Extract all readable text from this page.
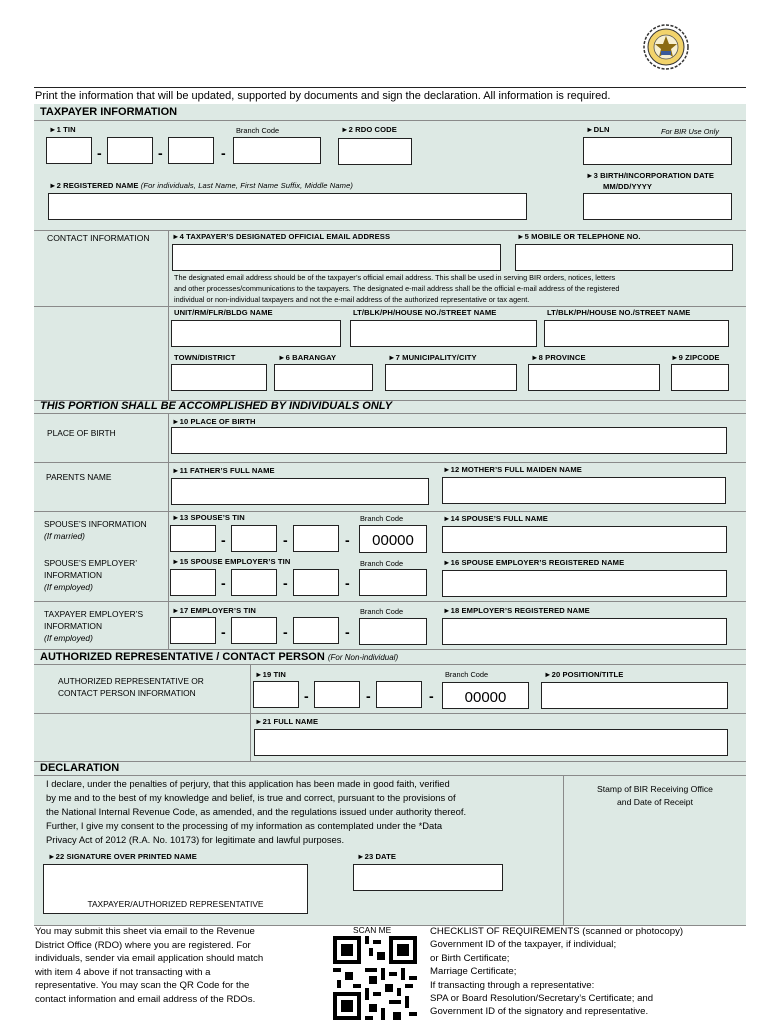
Print the information that will be updated, supported by documents and sign the declaration. All information is required.
TAXPAYER INFORMATION
►1 TIN
-	-	-
Branch Code	►2 RDO CODE	►DLN	For BIR Use Only
►2 REGISTERED NAME (For individuals, Last Name, First Name Suffix, Middle Name)
►3 BIRTH/INCORPORATION DATE
MM/DD/YYYY
CONTACT INFORMATION	►4 TAXPAYER’S DESIGNATED OFFICIAL EMAIL ADDRESS	►5 MOBILE OR TELEPHONE NO.
The designated email address should be of the taxpayer’s official email address. This shall be used in serving BIR orders, notices, letters
and other processes/communications to the taxpayers. The designated e-mail address shall be the official e-mail address of the registered
individual or non-individual taxpayers and not the e-mail address of the authorized representative or tax agent.
UNIT/RM/FLR/BLDG NAME	LT/BLK/PH/HOUSE NO./STREET NAME	LT/BLK/PH/HOUSE NO./STREET NAME
TOWN/DISTRICT	►6 BARANGAY	►7 MUNICIPALITY/CITY	►8 PROVINCE	►9 ZIPCODE
THIS PORTION SHALL BE ACCOMPLISHED BY INDIVIDUALS ONLY
PLACE OF BIRTH
►10 PLACE OF BIRTH
PARENTS NAME
►11 FATHER’S FULL NAME	►12 MOTHER’S FULL MAIDEN NAME
SPOUSE’S INFORMATION
(If married)
►13 SPOUSE’S TIN
-	-	-
Branch Code
00000
►14 SPOUSE’S FULL NAME
SPOUSE’S EMPLOYER’
INFORMATION
(If employed)
►15 SPOUSE EMPLOYER’S TIN
-	-	-
Branch Code	►16 SPOUSE EMPLOYER’S REGISTERED NAME
TAXPAYER EMPLOYER’S
INFORMATION
(If employed)
►17 EMPLOYER’S TIN
-	-	-
Branch Code	►18 EMPLOYER’S REGISTERED NAME
AUTHORIZED REPRESENTATIVE / CONTACT PERSON (For Non-individual)
AUTHORIZED REPRESENTATIVE OR
CONTACT PERSON INFORMATION
►19 TIN
-	-	-
Branch Code
00000
►20 POSITION/TITLE
►21 FULL NAME
DECLARATION
I declare, under the penalties of perjury, that this application has been made in good faith, verified
by me and to the best of my knowledge and belief, is true and correct, pursuant to the provisions of
the National Internal Revenue Code, as amended, and the regulations issued under authority thereof.
Further, I give my consent to the processing of my information as contemplated under the *Data
Privacy Act of 2012 (R.A. No. 10173) for legitimate and lawful purposes.
Stamp of BIR Receiving Office
and Date of Receipt
►22 SIGNATURE OVER PRINTED NAME
TAXPAYER/AUTHORIZED REPRESENTATIVE
►23 DATE
You may submit this sheet via email to the Revenue
District Office (RDO) where you are registered. For
individuals, sender via email application should match
with item 4 above if not transacting with a
representative. You may scan the QR Code for the
contact information and email address of the RDOs.
SCAN ME	CHECKLIST OF REQUIREMENTS (scanned or photocopy)
Government ID of the taxpayer, if individual;
or Birth Certificate;
Marriage Certificate;
If transacting through a representative:
SPA or Board Resolution/Secretary’s Certificate; and
Government ID of the signatory and representative.
